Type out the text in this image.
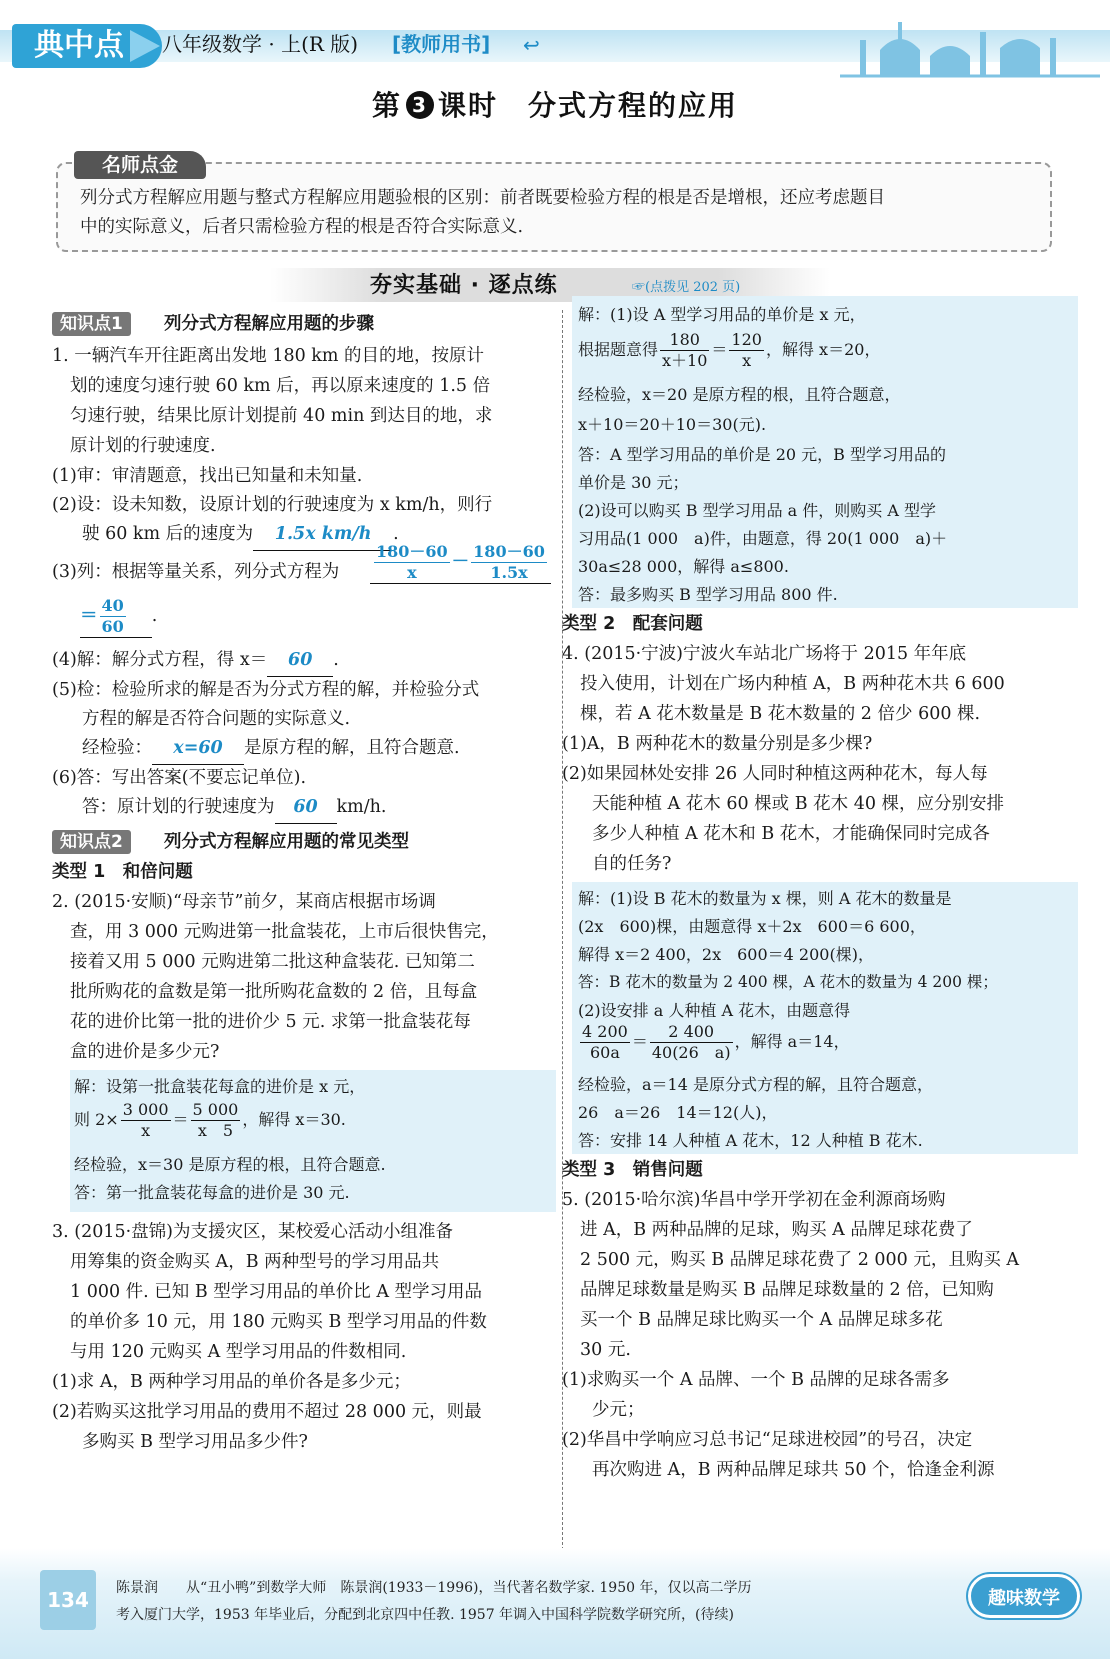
典中点	八年级数学 · 上(R 版) [教师用书] ↩
第 3 课时　分式方程的应用
名师点金
列分式方程解应用题与整式方程解应用题验根的区别：前者既要检验方程的根是否是增根，还应考虑题目
中的实际意义，后者只需检验方程的根是否符合实际意义.
夯实基础 · 逐点练	☞(点拨见 202 页)
知识点1	列分式方程解应用题的步骤
1. 一辆汽车开往距离出发地 180 km 的目的地，按原计
划的速度匀速行驶 60 km 后，再以原来速度的 1.5 倍
匀速行驶，结果比原计划提前 40 min 到达目的地，求
原计划的行驶速度.
(1)审：审清题意，找出已知量和未知量.
(2)设：设未知数，设原计划的行驶速度为 x km/h，则行
驶 60 km 后的速度为 1.5x km/h .
(3)列：根据等量关系，列分式方程为 $\frac{180-60}{x} - \frac{180-60}{1.5x}$
＝ $\frac{40}{60}$ .
(4)解：解分式方程，得 x＝ 60 .
(5)检：检验所求的解是否为分式方程的解，并检验分式
方程的解是否符合问题的实际意义.
经检验： x=60 是原方程的解，且符合题意.
(6)答：写出答案(不要忘记单位).
答：原计划的行驶速度为 60 km/h.
知识点2	列分式方程解应用题的常见类型
类型 1　和倍问题
2. (2015·安顺)“母亲节”前夕，某商店根据市场调
查，用 3 000 元购进第一批盒装花，上市后很快售完，
接着又用 5 000 元购进第二批这种盒装花. 已知第二
批所购花的盒数是第一批所购花盒数的 2 倍，且每盒
花的进价比第一批的进价少 5 元. 求第一批盒装花每
盒的进价是多少元?
解：设第一批盒装花每盒的进价是 x 元，
则 $2\times \frac{3 000}{x} = \frac{5 000}{x 5}$ ，解得 x＝30.
经检验，x＝30 是原方程的根，且符合题意.
答：第一批盒装花每盒的进价是 30 元.
3. (2015·盘锦)为支援灾区，某校爱心活动小组准备
用筹集的资金购买 A，B 两种型号的学习用品共
1 000 件. 已知 B 型学习用品的单价比 A 型学习用品
的单价多 10 元，用 180 元购买 B 型学习用品的件数
与用 120 元购买 A 型学习用品的件数相同.
(1)求 A，B 两种学习用品的单价各是多少元；
(2)若购买这批学习用品的费用不超过 28 000 元，则最
多购买 B 型学习用品多少件?
解：(1)设 A 型学习用品的单价是 x 元，
根据题意得 $\frac{180}{x+10} = \frac{120}{x}$ ，解得 x＝20，
经检验，x＝20 是原方程的根，且符合题意，
x＋10＝20＋10＝30(元).
答：A 型学习用品的单价是 20 元，B 型学习用品的
单价是 30 元；
(2)设可以购买 B 型学习用品 a 件，则购买 A 型学
习用品(1 000　a)件，由题意，得 20(1 000　a)＋
30a≤28 000，解得 a≤800.
答：最多购买 B 型学习用品 800 件.
类型 2　配套问题
4. (2015·宁波)宁波火车站北广场将于 2015 年年底
投入使用，计划在广场内种植 A，B 两种花木共 6 600
棵，若 A 花木数量是 B 花木数量的 2 倍少 600 棵.
(1)A，B 两种花木的数量分别是多少棵?
(2)如果园林处安排 26 人同时种植这两种花木，每人每
天能种植 A 花木 60 棵或 B 花木 40 棵，应分别安排
多少人种植 A 花木和 B 花木，才能确保同时完成各
自的任务?
解：(1)设 B 花木的数量为 x 棵，则 A 花木的数量是
(2x　600)棵，由题意得 x＋2x　600＝6 600，
解得 x＝2 400，2x　600＝4 200(棵)，
答：B 花木的数量为 2 400 棵，A 花木的数量为 4 200 棵；
(2)设安排 a 人种植 A 花木，由题意得
$\frac{4 200}{60a} = \frac{2 400}{40(26 a)}$ ，解得 a＝14，
经检验，a＝14 是原分式方程的解，且符合题意，
26　a＝26　14＝12(人)，
答：安排 14 人种植 A 花木，12 人种植 B 花木.
类型 3　销售问题
5. (2015·哈尔滨)华昌中学开学初在金利源商场购
进 A，B 两种品牌的足球，购买 A 品牌足球花费了
2 500 元，购买 B 品牌足球花费了 2 000 元，且购买 A
品牌足球数量是购买 B 品牌足球数量的 2 倍，已知购
买一个 B 品牌足球比购买一个 A 品牌足球多花
30 元.
(1)求购买一个 A 品牌、一个 B 品牌的足球各需多
少元；
(2)华昌中学响应习总书记“足球进校园”的号召，决定
再次购进 A，B 两种品牌足球共 50 个，恰逢金利源
134	陈景润　　从“丑小鸭”到数学大师　陈景润(1933－1996)，当代著名数学家. 1950 年，仅以高二学历
考入厦门大学，1953 年毕业后，分配到北京四中任教. 1957 年调入中国科学院数学研究所，(待续)
趣味数学
